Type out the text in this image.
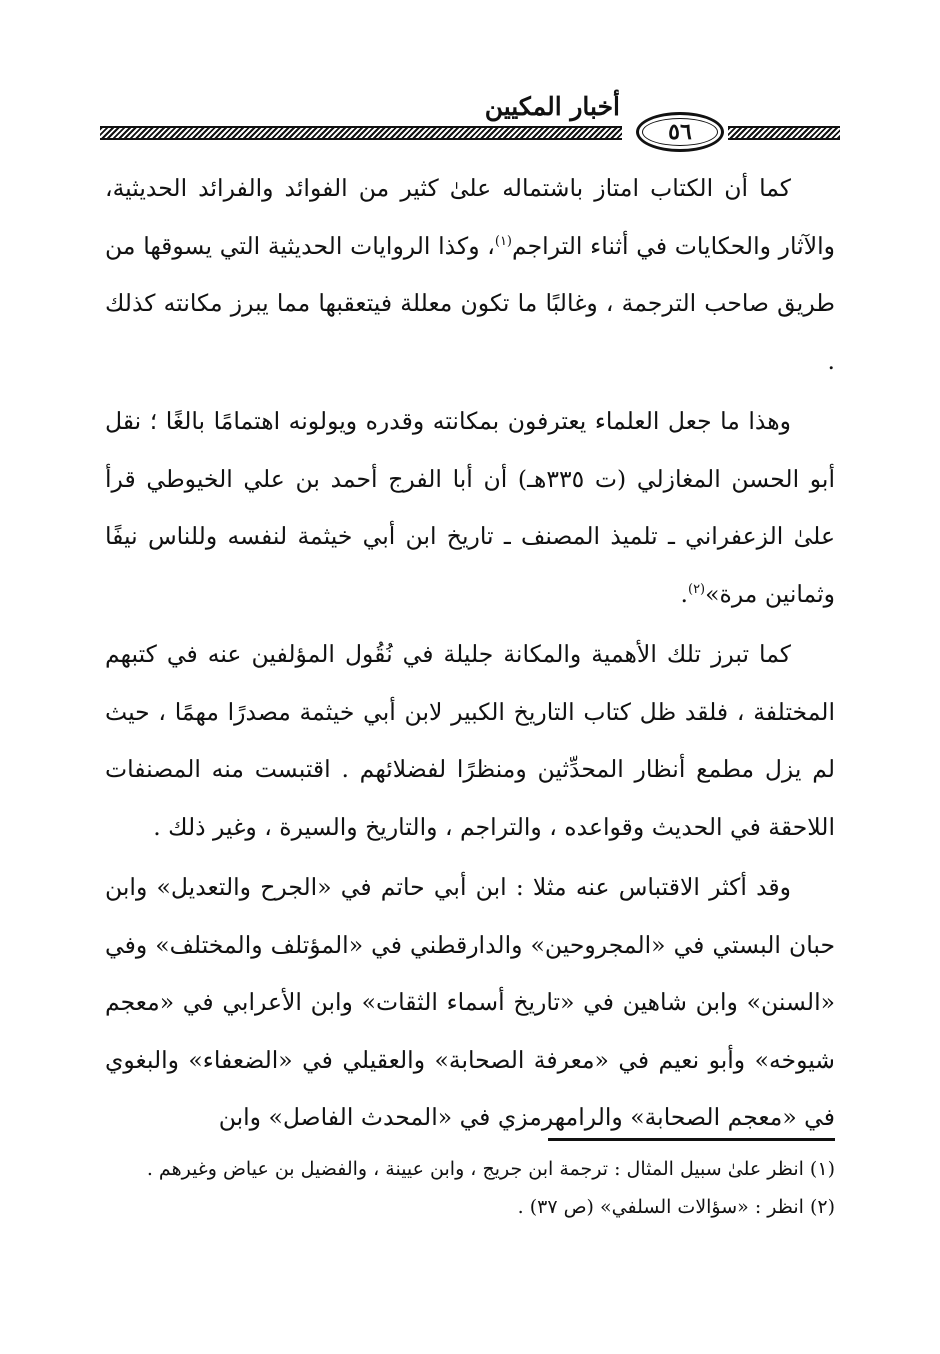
أخبار المكيين
٥٦

كما أن الكتاب امتاز باشتماله علىٰ كثير من الفوائد والفرائد الحديثية، والآثار والحكايات في أثناء التراجم$^{(١)}$، وكذا الروايات الحديثية التي يسوقها من طريق صاحب الترجمة ، وغالبًا ما تكون معللة فيتعقبها مما يبرز مكانته كذلك .

وهذا ما جعل العلماء يعترفون بمكانته وقدره ويولونه اهتمامًا بالغًا ؛ نقل أبو الحسن المغازلي (ت ٣٣٥هـ) أن أبا الفرج أحمد بن علي الخيوطي قرأ علىٰ الزعفراني ـ تلميذ المصنف ـ تاريخ ابن أبي خيثمة لنفسه وللناس نيفًا وثمانين مرة»$^{(٢)}$.

كما تبرز تلك الأهمية والمكانة جليلة في نُقُول المؤلفين عنه في كتبهم المختلفة ، فلقد ظل كتاب التاريخ الكبير لابن أبي خيثمة مصدرًا مهمًا ، حيث لم يزل مطمع أنظار المحدِّثين ومنظرًا لفضلائهم . اقتبست منه المصنفات اللاحقة في الحديث وقواعده ، والتراجم ، والتاريخ والسيرة ، وغير ذلك .

وقد أكثر الاقتباس عنه مثلا : ابن أبي حاتم في «الجرح والتعديل» وابن حبان البستي في «المجروحين» والدارقطني في «المؤتلف والمختلف» وفي «السنن» وابن شاهين في «تاريخ أسماء الثقات» وابن الأعرابي في «معجم شيوخه» وأبو نعيم في «معرفة الصحابة» والعقيلي في «الضعفاء» والبغوي في «معجم الصحابة» والرامهرمزي في «المحدث الفاصل» وابن

(١) انظر علىٰ سبيل المثال : ترجمة ابن جريج ، وابن عيينة ، والفضيل بن عياض وغيرهم .

(٢) انظر : «سؤالات السلفي» (ص ٣٧) .
